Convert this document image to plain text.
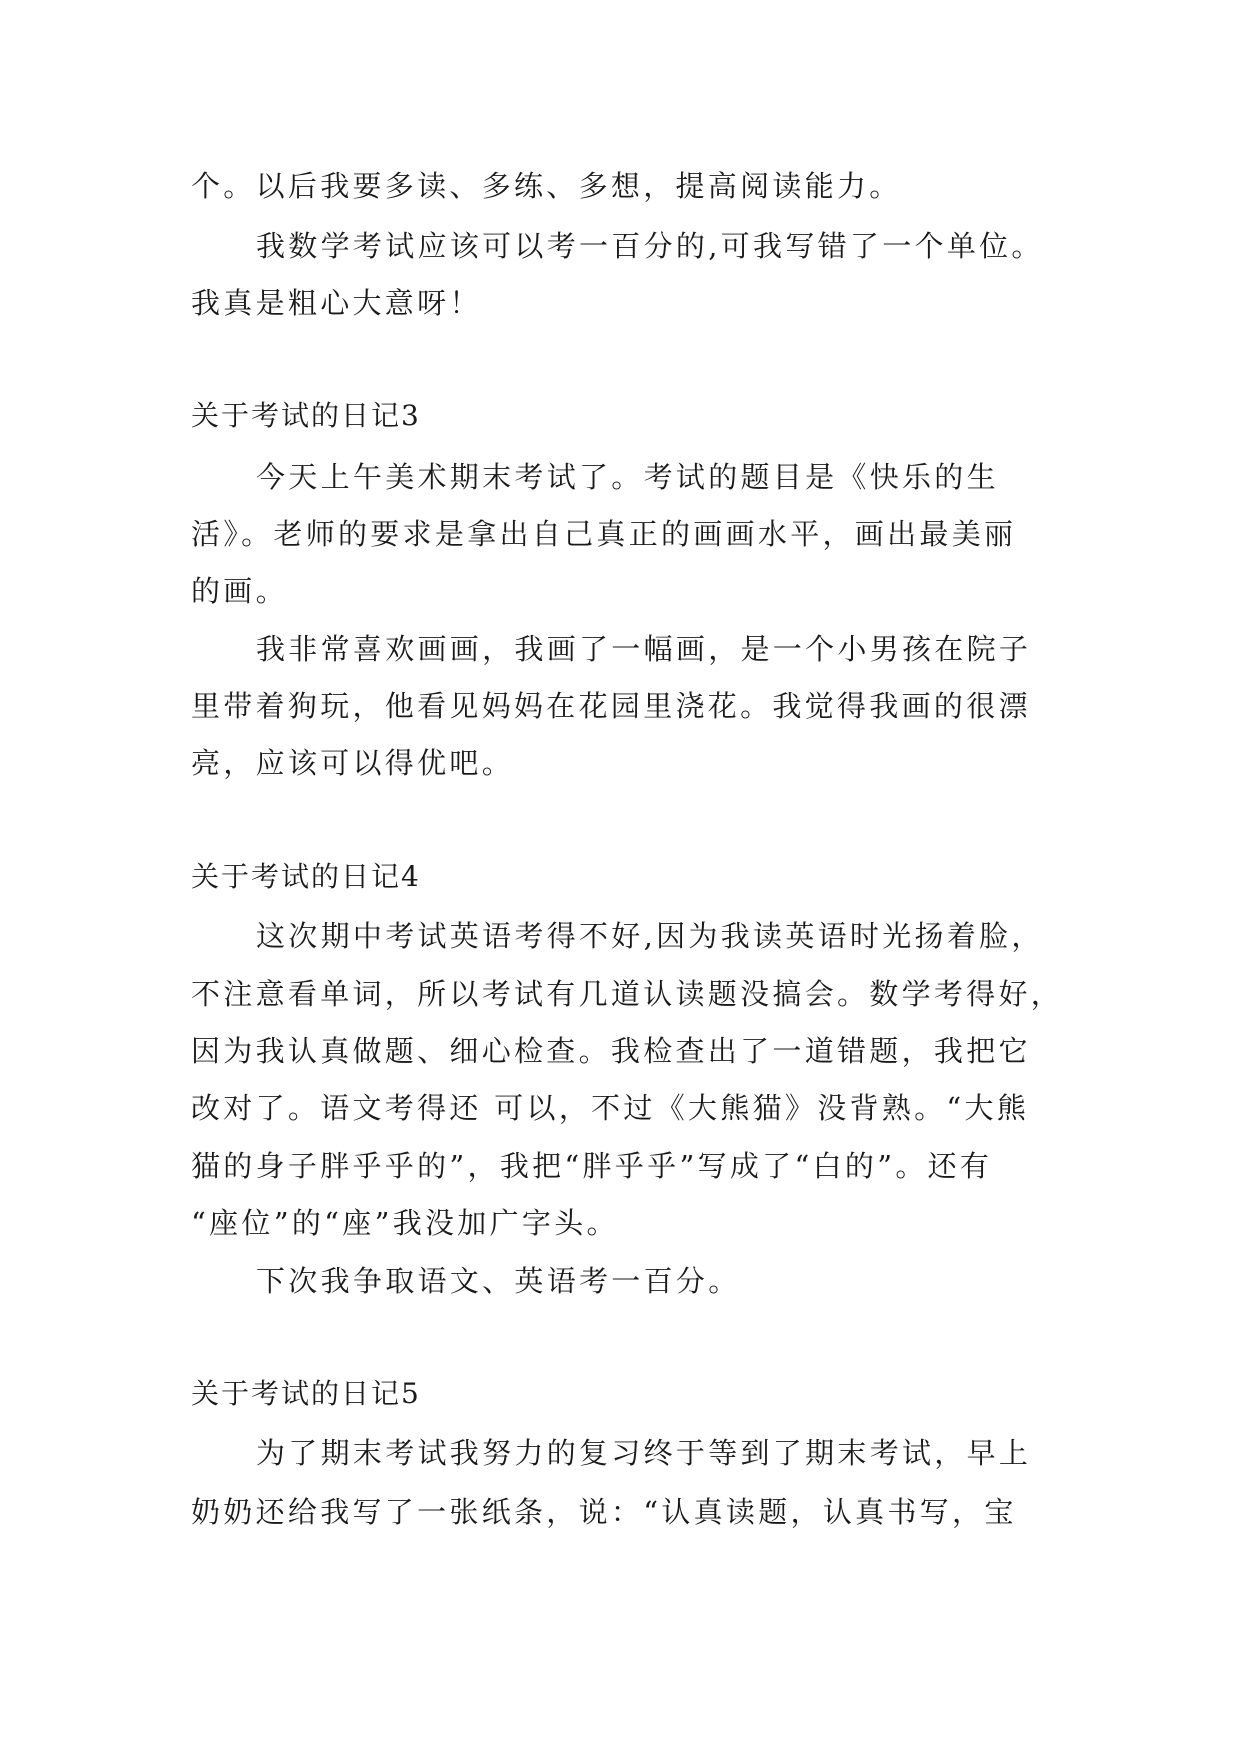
个。以后我要多读、多练、多想，提高阅读能力。
我数学考试应该可以考一百分的,可我写错了一个单位。
我真是粗心大意呀！
关于考试的日记3
今天上午美术期末考试了。考试的题目是《快乐的生
活》。老师的要求是拿出自己真正的画画水平，画出最美丽
的画。
我非常喜欢画画，我画了一幅画，是一个小男孩在院子
里带着狗玩，他看见妈妈在花园里浇花。我觉得我画的很漂
亮，应该可以得优吧。
关于考试的日记4
这次期中考试英语考得不好,因为我读英语时光扬着脸，
不注意看单词，所以考试有几道认读题没搞会。数学考得好，
因为我认真做题、细心检查。我检查出了一道错题，我把它
改对了。语文考得还 可以，不过《大熊猫》没背熟。“大熊
猫的身子胖乎乎的”，我把“胖乎乎”写成了“白的”。还有
“座位”的“座”我没加广字头。
下次我争取语文、英语考一百分。
关于考试的日记5
为了期末考试我努力的复习终于等到了期末考试，早上
奶奶还给我写了一张纸条，说：“认真读题，认真书写，宝
